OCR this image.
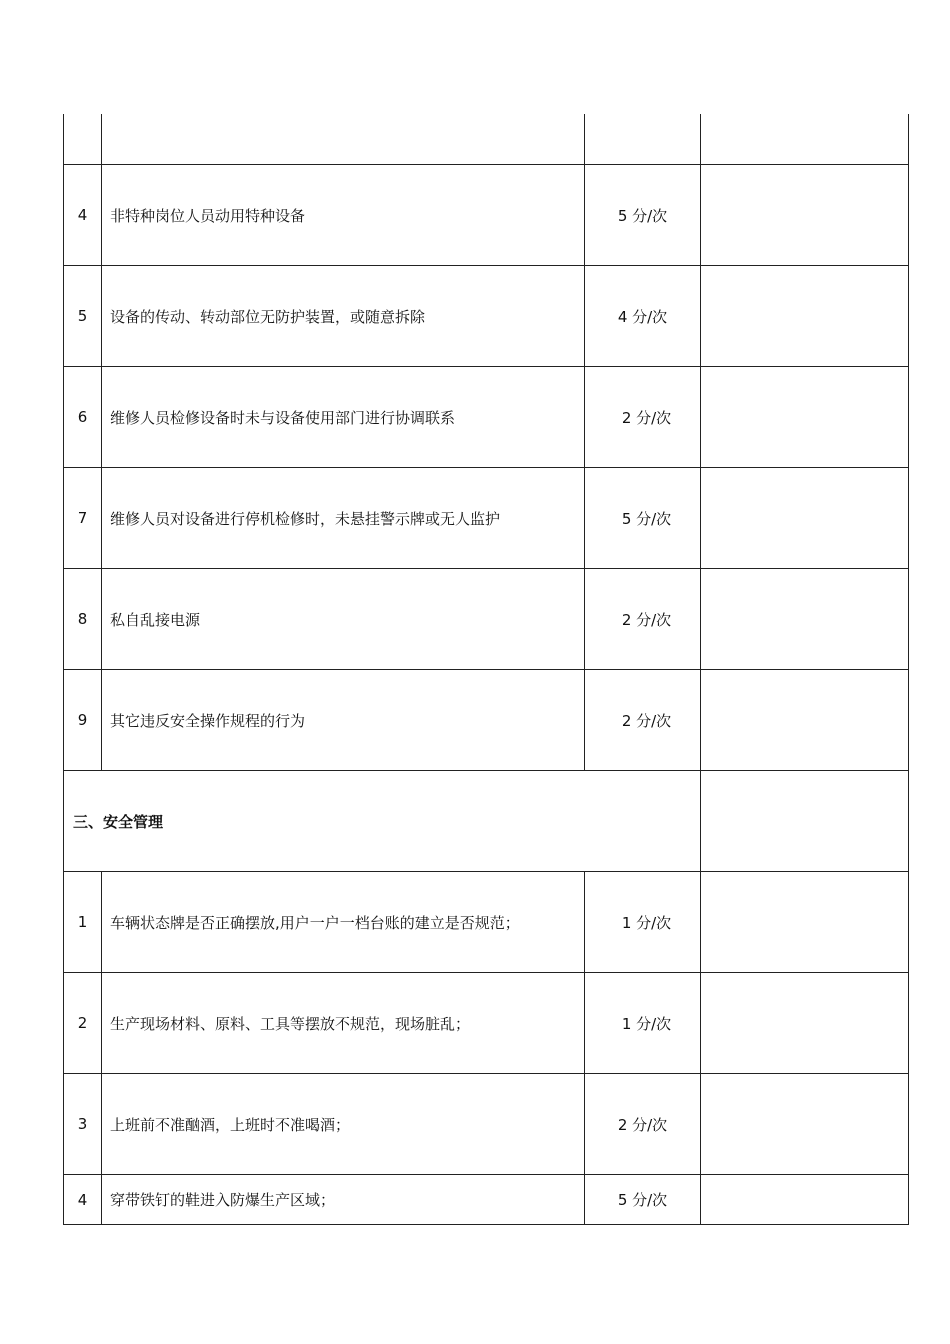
4	非特种岗位人员动用特种设备	5 分/次	
5	设备的传动、转动部位无防护装置，或随意拆除	4 分/次	
6	维修人员检修设备时未与设备使用部门进行协调联系	2 分/次	
7	维修人员对设备进行停机检修时，未悬挂警示牌或无人监护	5 分/次	
8	私自乱接电源	2 分/次	
9	其它违反安全操作规程的行为	2 分/次	
三、安全管理			
1	车辆状态牌是否正确摆放,用户一户一档台账的建立是否规范；	1 分/次	
2	生产现场材料、原料、工具等摆放不规范，现场脏乱；	1 分/次	
3	上班前不准酗酒，上班时不准喝酒；	2 分/次	
4	穿带铁钉的鞋进入防爆生产区域；	5 分/次	
